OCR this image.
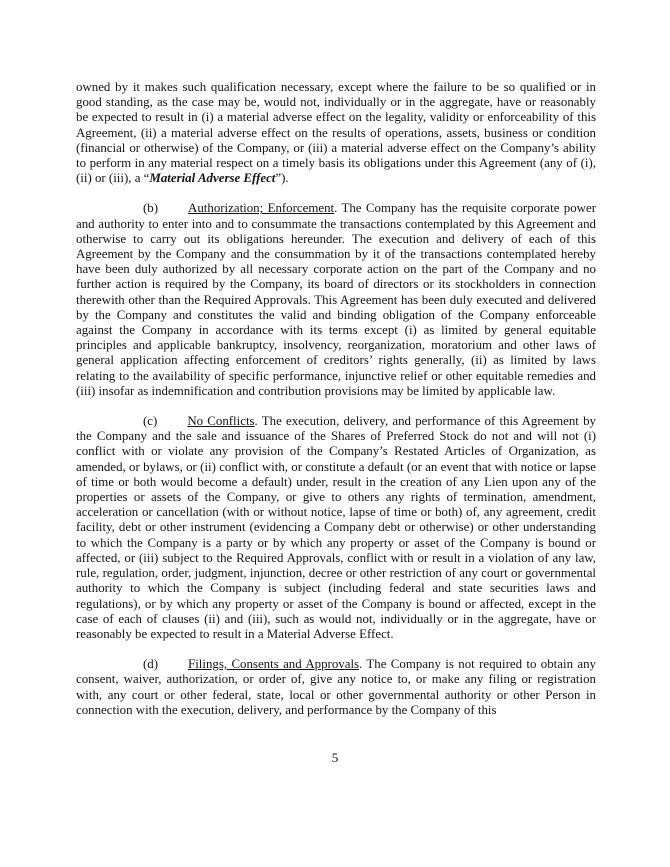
owned by it makes such qualification necessary, except where the failure to be so qualified or in good standing, as the case may be, would not, individually or in the aggregate, have or reasonably be expected to result in (i) a material adverse effect on the legality, validity or enforceability of this Agreement, (ii) a material adverse effect on the results of operations, assets, business or condition (financial or otherwise) of the Company, or (iii) a material adverse effect on the Company’s ability to perform in any material respect on a timely basis its obligations under this Agreement (any of (i), (ii) or (iii), a “Material Adverse Effect”).

(b) Authorization; Enforcement. The Company has the requisite corporate power and authority to enter into and to consummate the transactions contemplated by this Agreement and otherwise to carry out its obligations hereunder. The execution and delivery of each of this Agreement by the Company and the consummation by it of the transactions contemplated hereby have been duly authorized by all necessary corporate action on the part of the Company and no further action is required by the Company, its board of directors or its stockholders in connection therewith other than the Required Approvals. This Agreement has been duly executed and delivered by the Company and constitutes the valid and binding obligation of the Company enforceable against the Company in accordance with its terms except (i) as limited by general equitable principles and applicable bankruptcy, insolvency, reorganization, moratorium and other laws of general application affecting enforcement of creditors’ rights generally, (ii) as limited by laws relating to the availability of specific performance, injunctive relief or other equitable remedies and (iii) insofar as indemnification and contribution provisions may be limited by applicable law.

(c) No Conflicts. The execution, delivery, and performance of this Agreement by the Company and the sale and issuance of the Shares of Preferred Stock do not and will not (i) conflict with or violate any provision of the Company’s Restated Articles of Organization, as amended, or bylaws, or (ii) conflict with, or constitute a default (or an event that with notice or lapse of time or both would become a default) under, result in the creation of any Lien upon any of the properties or assets of the Company, or give to others any rights of termination, amendment, acceleration or cancellation (with or without notice, lapse of time or both) of, any agreement, credit facility, debt or other instrument (evidencing a Company debt or otherwise) or other understanding to which the Company is a party or by which any property or asset of the Company is bound or affected, or (iii) subject to the Required Approvals, conflict with or result in a violation of any law, rule, regulation, order, judgment, injunction, decree or other restriction of any court or governmental authority to which the Company is subject (including federal and state securities laws and regulations), or by which any property or asset of the Company is bound or affected, except in the case of each of clauses (ii) and (iii), such as would not, individually or in the aggregate, have or reasonably be expected to result in a Material Adverse Effect.

(d) Filings, Consents and Approvals. The Company is not required to obtain any consent, waiver, authorization, or order of, give any notice to, or make any filing or registration with, any court or other federal, state, local or other governmental authority or other Person in connection with the execution, delivery, and performance by the Company of this

5
